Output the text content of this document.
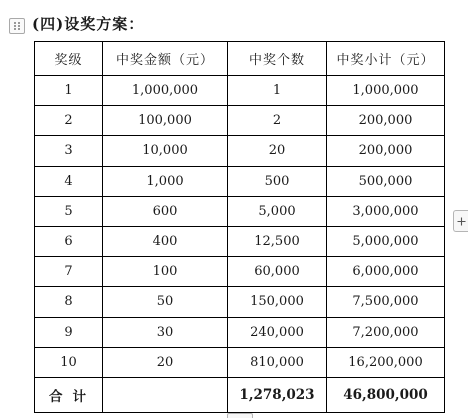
(四)设奖方案：
奖级	中奖金额（元）	中奖个数	中奖小计（元）
1	1,000,000	1	1,000,000
2	100,000	2	200,000
3	10,000	20	200,000
4	1,000	500	500,000
5	600	5,000	3,000,000
6	400	12,500	5,000,000
7	100	60,000	6,000,000
8	50	150,000	7,500,000
9	30	240,000	7,200,000
10	20	810,000	16,200,000
合计		1,278,023	46,800,000
